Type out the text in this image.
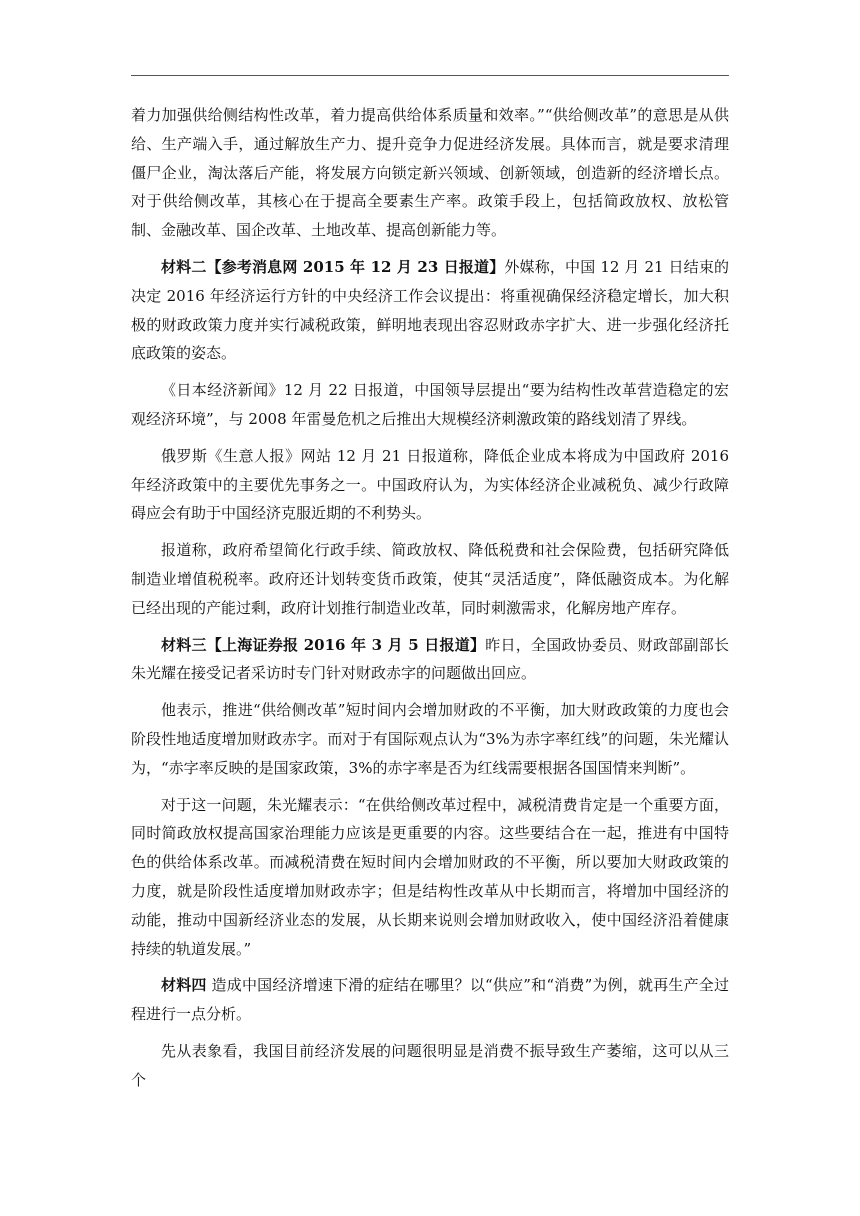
着力加强供给侧结构性改革，着力提高供给体系质量和效率。”“供给侧改革”的意思是从供给、生产端入手，通过解放生产力、提升竞争力促进经济发展。具体而言，就是要求清理僵尸企业，淘汰落后产能，将发展方向锁定新兴领域、创新领域，创造新的经济增长点。对于供给侧改革，其核心在于提高全要素生产率。政策手段上，包括简政放权、放松管制、金融改革、国企改革、土地改革、提高创新能力等。

材料二【参考消息网 2015 年 12 月 23 日报道】外媒称，中国 12 月 21 日结束的决定 2016 年经济运行方针的中央经济工作会议提出：将重视确保经济稳定增长，加大积极的财政政策力度并实行减税政策，鲜明地表现出容忍财政赤字扩大、进一步强化经济托底政策的姿态。

《日本经济新闻》12 月 22 日报道，中国领导层提出“要为结构性改革营造稳定的宏观经济环境”，与 2008 年雷曼危机之后推出大规模经济刺激政策的路线划清了界线。

俄罗斯《生意人报》网站 12 月 21 日报道称，降低企业成本将成为中国政府 2016 年经济政策中的主要优先事务之一。中国政府认为，为实体经济企业减税负、减少行政障碍应会有助于中国经济克服近期的不利势头。

报道称，政府希望简化行政手续、简政放权、降低税费和社会保险费，包括研究降低制造业增值税税率。政府还计划转变货币政策，使其“灵活适度”，降低融资成本。为化解已经出现的产能过剩，政府计划推行制造业改革，同时刺激需求，化解房地产库存。

材料三【上海证券报 2016 年 3 月 5 日报道】昨日，全国政协委员、财政部副部长朱光耀在接受记者采访时专门针对财政赤字的问题做出回应。

他表示，推进“供给侧改革”短时间内会增加财政的不平衡，加大财政政策的力度也会阶段性地适度增加财政赤字。而对于有国际观点认为“3%为赤字率红线”的问题，朱光耀认为，“赤字率反映的是国家政策，3%的赤字率是否为红线需要根据各国国情来判断”。

对于这一问题，朱光耀表示：“在供给侧改革过程中，减税清费肯定是一个重要方面，同时简政放权提高国家治理能力应该是更重要的内容。这些要结合在一起，推进有中国特色的供给体系改革。而减税清费在短时间内会增加财政的不平衡，所以要加大财政政策的力度，就是阶段性适度增加财政赤字；但是结构性改革从中长期而言，将增加中国经济的动能，推动中国新经济业态的发展，从长期来说则会增加财政收入，使中国经济沿着健康持续的轨道发展。”

材料四 造成中国经济增速下滑的症结在哪里？以“供应”和“消费”为例，就再生产全过程进行一点分析。

先从表象看，我国目前经济发展的问题很明显是消费不振导致生产萎缩，这可以从三个
